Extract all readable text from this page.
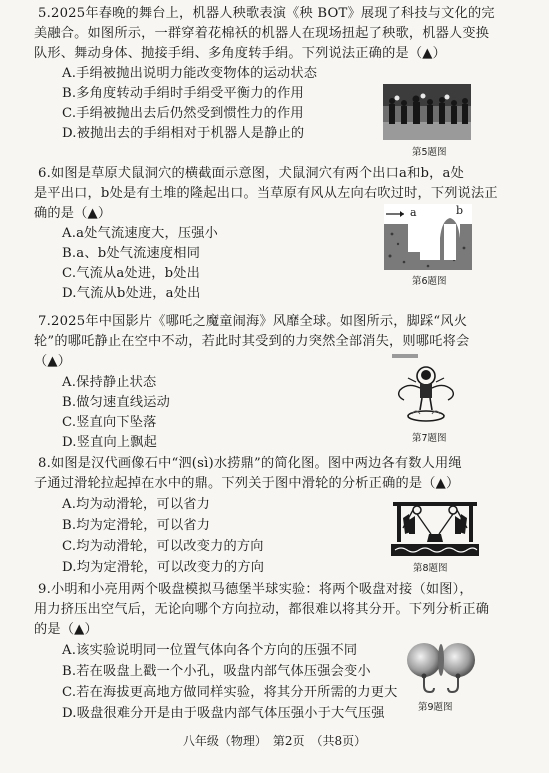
5.2025年春晚的舞台上，机器人秧歌表演《秧 BOT》展现了科技与文化的完
美融合。如图所示，一群穿着花棉袄的机器人在现场扭起了秧歌，机器人变换
队形、舞动身体、抛接手绢、多角度转手绢。下列说法正确的是（▲）
A.手绢被抛出说明力能改变物体的运动状态
B.多角度转动手绢时手绢受平衡力的作用
C.手绢被抛出去后仍然受到惯性力的作用
D.被抛出去的手绢相对于机器人是静止的
第5题图
6.如图是草原犬鼠洞穴的横截面示意图，犬鼠洞穴有两个出口a和b，a处
是平出口，b处是有土堆的隆起出口。当草原有风从左向右吹过时，下列说法正
确的是（▲）
A.a处气流速度大，压强小
B.a、b处气流速度相同
C.气流从a处进，b处出
D.气流从b处进，a处出
a	b
第6题图
7.2025年中国影片《哪吒之魔童闹海》风靡全球。如图所示，脚踩“风火
轮”的哪吒静止在空中不动，若此时其受到的力突然全部消失，则哪吒将会
（▲）
A.保持静止状态
B.做匀速直线运动
C.竖直向下坠落
D.竖直向上飘起	第7题图
8.如图是汉代画像石中“泗(sì)水捞鼎”的简化图。图中两边各有数人用绳
子通过滑轮拉起掉在水中的鼎。下列关于图中滑轮的分析正确的是（▲）
A.均为动滑轮，可以省力
B.均为定滑轮，可以省力
C.均为动滑轮，可以改变力的方向
D.均为定滑轮，可以改变力的方向	第8题图
9.小明和小亮用两个吸盘模拟马德堡半球实验：将两个吸盘对接（如图），
用力挤压出空气后，无论向哪个方向拉动，都很难以将其分开。下列分析正确
的是（▲）
A.该实验说明同一位置气体向各个方向的压强不同
B.若在吸盘上戳一个小孔，吸盘内部气体压强会变小
C.若在海拔更高地方做同样实验，将其分开所需的力更大
D.吸盘很难分开是由于吸盘内部气体压强小于大气压强	第9题图
八年级（物理）　第2页　（共8页）
